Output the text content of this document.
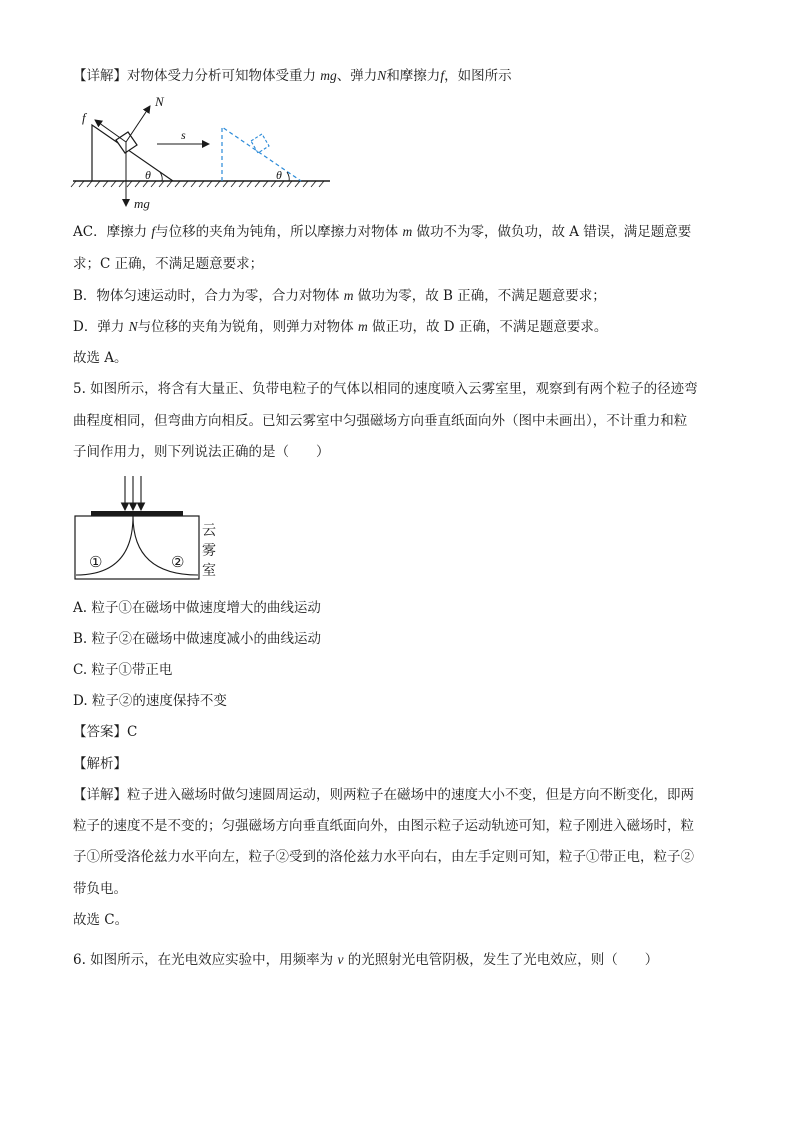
【详解】对物体受力分析可知物体受重力 mg、弹力N和摩擦力f，如图所示
f
N
s
mg
θ	θ
AC．摩擦力 f与位移的夹角为钝角，所以摩擦力对物体 m 做功不为零，做负功，故 A 错误，满足题意要
求；C 正确，不满足题意要求；
B．物体匀速运动时，合力为零，合力对物体 m 做功为零，故 B 正确，不满足题意要求；
D．弹力 N与位移的夹角为锐角，则弹力对物体 m 做正功，故 D 正确，不满足题意要求。
故选 A。
5. 如图所示，将含有大量正、负带电粒子的气体以相同的速度喷入云雾室里，观察到有两个粒子的径迹弯
曲程度相同，但弯曲方向相反。已知云雾室中匀强磁场方向垂直纸面向外（图中未画出），不计重力和粒
子间作用力，则下列说法正确的是（　　）
①	②
云
雾
室
A. 粒子①在磁场中做速度增大的曲线运动
B. 粒子②在磁场中做速度减小的曲线运动
C. 粒子①带正电
D. 粒子②的速度保持不变
【答案】C
【解析】
【详解】粒子进入磁场时做匀速圆周运动，则两粒子在磁场中的速度大小不变，但是方向不断变化，即两
粒子的速度不是不变的；匀强磁场方向垂直纸面向外，由图示粒子运动轨迹可知，粒子刚进入磁场时，粒
子①所受洛伦兹力水平向左，粒子②受到的洛伦兹力水平向右，由左手定则可知，粒子①带正电，粒子②
带负电。
故选 C。
6. 如图所示，在光电效应实验中，用频率为 ν 的光照射光电管阴极，发生了光电效应，则（　　）
